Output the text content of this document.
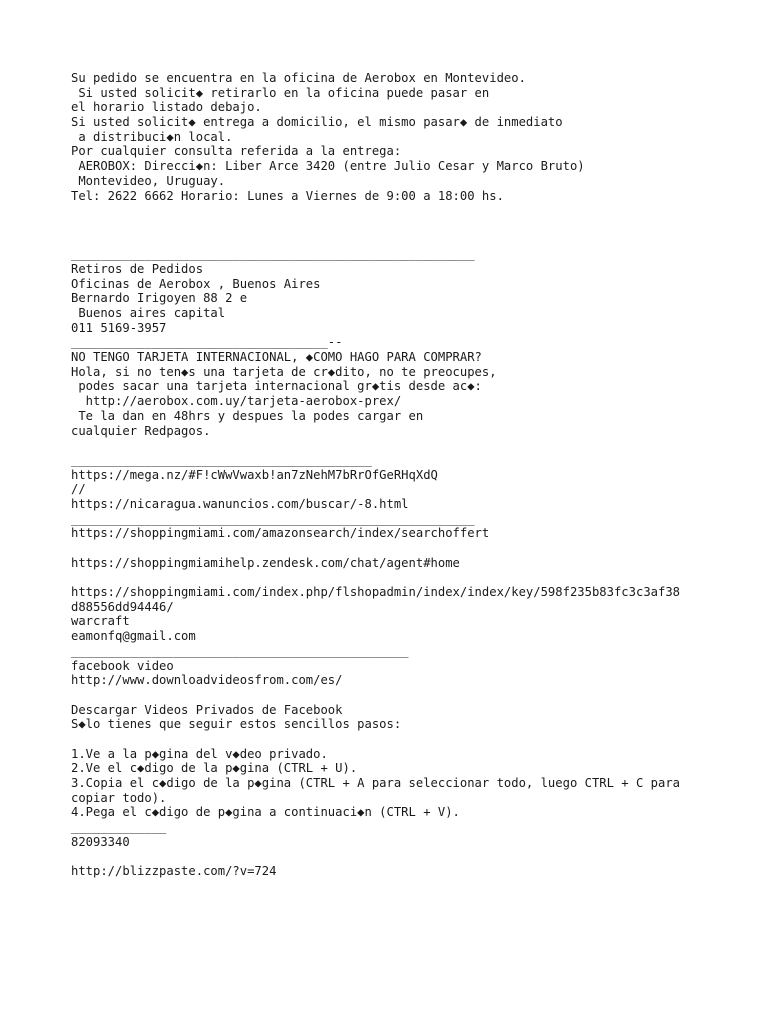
Su pedido se encuentra en la oficina de Aerobox en Montevideo.
Si usted solicit◆ retirarlo en la oficina puede pasar en
el horario listado debajo.
Si usted solicit◆ entrega a domicilio, el mismo pasar◆ de inmediato
a distribuci◆n local.
Por cualquier consulta referida a la entrega:
AEROBOX: Direcci◆n: Liber Arce 3420 (entre Julio Cesar y Marco Bruto)
Montevideo, Uruguay.
Tel: 2622 6662 Horario: Lunes a Viernes de 9:00 a 18:00 hs.
_______________________________________________________
Retiros de Pedidos
Oficinas de Aerobox , Buenos Aires
Bernardo Irigoyen 88 2 e
Buenos aires capital
011 5169-3957
___________________________________--
NO TENGO TARJETA INTERNACIONAL, ◆COMO HAGO PARA COMPRAR?
Hola, si no ten◆s una tarjeta de cr◆dito, no te preocupes,
podes sacar una tarjeta internacional gr◆tis desde ac◆:
http://aerobox.com.uy/tarjeta-aerobox-prex/
Te la dan en 48hrs y despues la podes cargar en
cualquier Redpagos.
_________________________________________
https://mega.nz/#F!cWwVwaxb!an7zNehM7bRrOfGeRHqXdQ
//
https://nicaragua.wanuncios.com/buscar/-8.html
_______________________________________________________
https://shoppingmiami.com/amazonsearch/index/searchoffert
https://shoppingmiamihelp.zendesk.com/chat/agent#home
https://shoppingmiami.com/index.php/flshopadmin/index/index/key/598f235b83fc3c3af38
d88556dd94446/
warcraft
eamonfq@gmail.com
______________________________________________
facebook video
http://www.downloadvideosfrom.com/es/
Descargar Videos Privados de Facebook
S◆lo tienes que seguir estos sencillos pasos:
1.Ve a la p◆gina del v◆deo privado.
2.Ve el c◆digo de la p◆gina (CTRL + U).
3.Copia el c◆digo de la p◆gina (CTRL + A para seleccionar todo, luego CTRL + C para
copiar todo).
4.Pega el c◆digo de p◆gina a continuaci◆n (CTRL + V).
_____________
82093340
http://blizzpaste.com/?v=724
